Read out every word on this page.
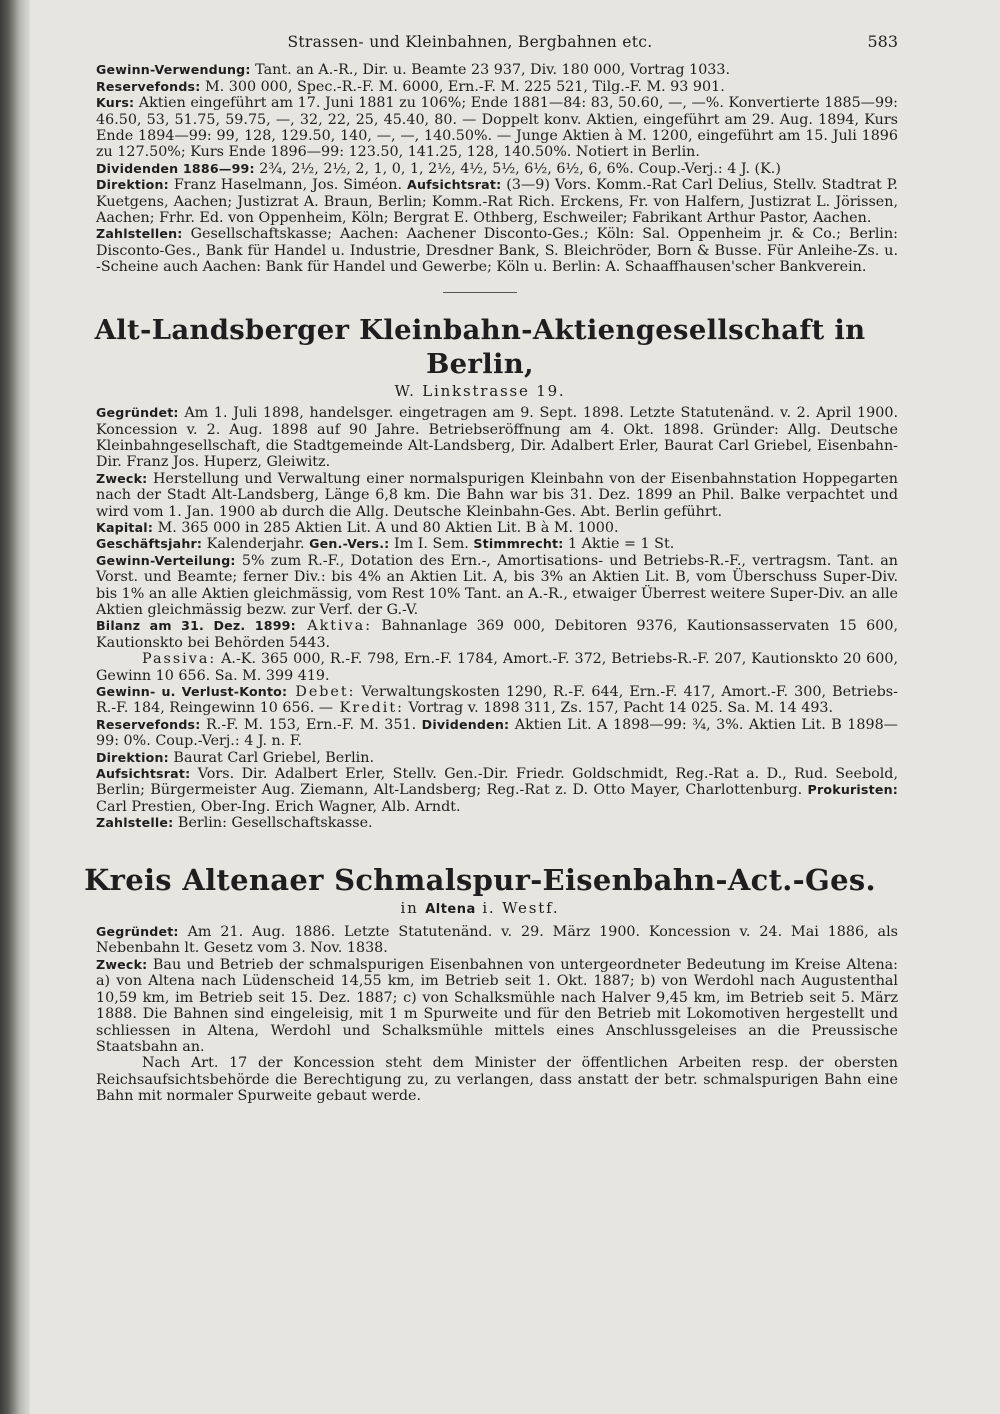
Strassen- und Kleinbahnen, Bergbahnen etc.	583
Gewinn-Verwendung: Tant. an A.-R., Dir. u. Beamte 23 937, Div. 180 000, Vortrag 1033.
Reservefonds: M. 300 000, Spec.-R.-F. M. 6000, Ern.-F. M. 225 521, Tilg.-F. M. 93 901.
Kurs: Aktien eingeführt am 17. Juni 1881 zu 106%; Ende 1881—84: 83, 50.60, —, —%. Konvertierte 1885—99: 46.50, 53, 51.75, 59.75, —, 32, 22, 25, 45.40, 80. — Doppelt konv. Aktien, eingeführt am 29. Aug. 1894, Kurs Ende 1894—99: 99, 128, 129.50, 140, —, —, 140.50%. — Junge Aktien à M. 1200, eingeführt am 15. Juli 1896 zu 127.50%; Kurs Ende 1896—99: 123.50, 141.25, 128, 140.50%. Notiert in Berlin.
Dividenden 1886—99: 2¾, 2½, 2½, 2, 1, 0, 1, 2½, 4½, 5½, 6½, 6½, 6, 6%. Coup.-Verj.: 4 J. (K.)
Direktion: Franz Haselmann, Jos. Siméon. Aufsichtsrat: (3—9) Vors. Komm.-Rat Carl Delius, Stellv. Stadtrat P. Kuetgens, Aachen; Justizrat A. Braun, Berlin; Komm.-Rat Rich. Erckens, Fr. von Halfern, Justizrat L. Jörissen, Aachen; Frhr. Ed. von Oppenheim, Köln; Bergrat E. Othberg, Eschweiler; Fabrikant Arthur Pastor, Aachen.
Zahlstellen: Gesellschaftskasse; Aachen: Aachener Disconto-Ges.; Köln: Sal. Oppenheim jr. & Co.; Berlin: Disconto-Ges., Bank für Handel u. Industrie, Dresdner Bank, S. Bleichröder, Born & Busse. Für Anleihe-Zs. u. -Scheine auch Aachen: Bank für Handel und Gewerbe; Köln u. Berlin: A. Schaaffhausen'scher Bankverein.
Alt-Landsberger Kleinbahn-Aktiengesellschaft in Berlin,
W. Linkstrasse 19.
Gegründet: Am 1. Juli 1898, handelsger. eingetragen am 9. Sept. 1898. Letzte Statutenänd. v. 2. April 1900. Koncession v. 2. Aug. 1898 auf 90 Jahre. Betriebseröffnung am 4. Okt. 1898. Gründer: Allg. Deutsche Kleinbahngesellschaft, die Stadtgemeinde Alt-Landsberg, Dir. Adalbert Erler, Baurat Carl Griebel, Eisenbahn-Dir. Franz Jos. Huperz, Gleiwitz.
Zweck: Herstellung und Verwaltung einer normalspurigen Kleinbahn von der Eisenbahnstation Hoppegarten nach der Stadt Alt-Landsberg, Länge 6,8 km. Die Bahn war bis 31. Dez. 1899 an Phil. Balke verpachtet und wird vom 1. Jan. 1900 ab durch die Allg. Deutsche Kleinbahn-Ges. Abt. Berlin geführt.
Kapital: M. 365 000 in 285 Aktien Lit. A und 80 Aktien Lit. B à M. 1000.
Geschäftsjahr: Kalenderjahr. Gen.-Vers.: Im I. Sem. Stimmrecht: 1 Aktie = 1 St.
Gewinn-Verteilung: 5% zum R.-F., Dotation des Ern.-, Amortisations- und Betriebs-R.-F., vertragsm. Tant. an Vorst. und Beamte; ferner Div.: bis 4% an Aktien Lit. A, bis 3% an Aktien Lit. B, vom Überschuss Super-Div. bis 1% an alle Aktien gleichmässig, vom Rest 10% Tant. an A.-R., etwaiger Überrest weitere Super-Div. an alle Aktien gleichmässig bezw. zur Verf. der G.-V.
Bilanz am 31. Dez. 1899: Aktiva: Bahnanlage 369 000, Debitoren 9376, Kautionsasservaten 15 600, Kautionskto bei Behörden 5443.
Passiva: A.-K. 365 000, R.-F. 798, Ern.-F. 1784, Amort.-F. 372, Betriebs-R.-F. 207, Kautionskto 20 600, Gewinn 10 656. Sa. M. 399 419.
Gewinn- u. Verlust-Konto: Debet: Verwaltungskosten 1290, R.-F. 644, Ern.-F. 417, Amort.-F. 300, Betriebs-R.-F. 184, Reingewinn 10 656. — Kredit: Vortrag v. 1898 311, Zs. 157, Pacht 14 025. Sa. M. 14 493.
Reservefonds: R.-F. M. 153, Ern.-F. M. 351. Dividenden: Aktien Lit. A 1898—99: ¾, 3%. Aktien Lit. B 1898—99: 0%. Coup.-Verj.: 4 J. n. F.
Direktion: Baurat Carl Griebel, Berlin.
Aufsichtsrat: Vors. Dir. Adalbert Erler, Stellv. Gen.-Dir. Friedr. Goldschmidt, Reg.-Rat a. D., Rud. Seebold, Berlin; Bürgermeister Aug. Ziemann, Alt-Landsberg; Reg.-Rat z. D. Otto Mayer, Charlottenburg. Prokuristen: Carl Prestien, Ober-Ing. Erich Wagner, Alb. Arndt.
Zahlstelle: Berlin: Gesellschaftskasse.
Kreis Altenaer Schmalspur-Eisenbahn-Act.-Ges.
in Altena i. Westf.
Gegründet: Am 21. Aug. 1886. Letzte Statutenänd. v. 29. März 1900. Koncession v. 24. Mai 1886, als Nebenbahn lt. Gesetz vom 3. Nov. 1838.
Zweck: Bau und Betrieb der schmalspurigen Eisenbahnen von untergeordneter Bedeutung im Kreise Altena: a) von Altena nach Lüdenscheid 14,55 km, im Betrieb seit 1. Okt. 1887; b) von Werdohl nach Augustenthal 10,59 km, im Betrieb seit 15. Dez. 1887; c) von Schalksmühle nach Halver 9,45 km, im Betrieb seit 5. März 1888. Die Bahnen sind eingeleisig, mit 1 m Spurweite und für den Betrieb mit Lokomotiven hergestellt und schliessen in Altena, Werdohl und Schalksmühle mittels eines Anschlussgeleises an die Preussische Staatsbahn an.
Nach Art. 17 der Koncession steht dem Minister der öffentlichen Arbeiten resp. der obersten Reichsaufsichtsbehörde die Berechtigung zu, zu verlangen, dass anstatt der betr. schmalspurigen Bahn eine Bahn mit normaler Spurweite gebaut werde.
